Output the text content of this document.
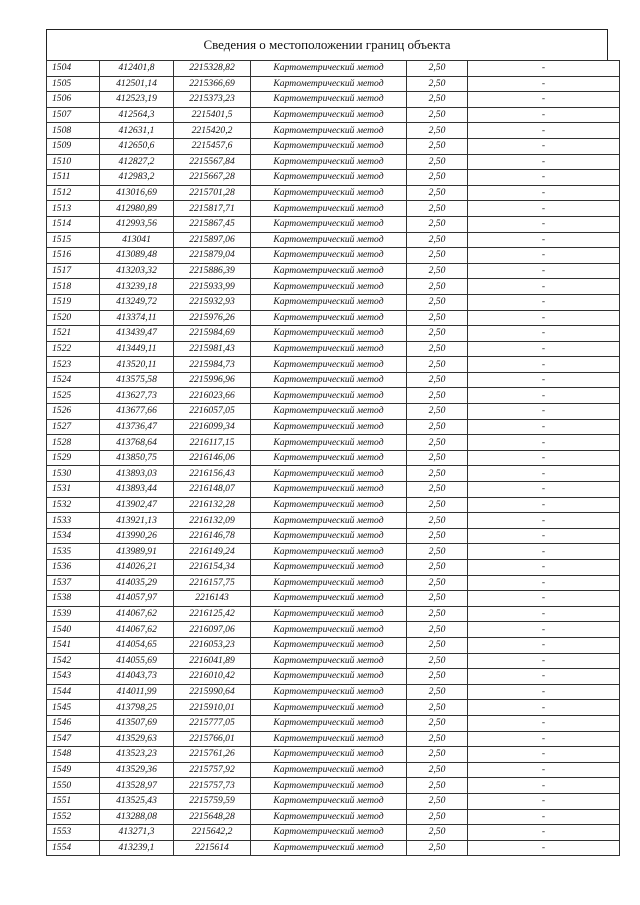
Сведения о местоположении границ объекта
1504	412401,8	2215328,82	Картометрический метод	2,50	-
1505	412501,14	2215366,69	Картометрический метод	2,50	-
1506	412523,19	2215373,23	Картометрический метод	2,50	-
1507	412564,3	2215401,5	Картометрический метод	2,50	-
1508	412631,1	2215420,2	Картометрический метод	2,50	-
1509	412650,6	2215457,6	Картометрический метод	2,50	-
1510	412827,2	2215567,84	Картометрический метод	2,50	-
1511	412983,2	2215667,28	Картометрический метод	2,50	-
1512	413016,69	2215701,28	Картометрический метод	2,50	-
1513	412980,89	2215817,71	Картометрический метод	2,50	-
1514	412993,56	2215867,45	Картометрический метод	2,50	-
1515	413041	2215897,06	Картометрический метод	2,50	-
1516	413089,48	2215879,04	Картометрический метод	2,50	-
1517	413203,32	2215886,39	Картометрический метод	2,50	-
1518	413239,18	2215933,99	Картометрический метод	2,50	-
1519	413249,72	2215932,93	Картометрический метод	2,50	-
1520	413374,11	2215976,26	Картометрический метод	2,50	-
1521	413439,47	2215984,69	Картометрический метод	2,50	-
1522	413449,11	2215981,43	Картометрический метод	2,50	-
1523	413520,11	2215984,73	Картометрический метод	2,50	-
1524	413575,58	2215996,96	Картометрический метод	2,50	-
1525	413627,73	2216023,66	Картометрический метод	2,50	-
1526	413677,66	2216057,05	Картометрический метод	2,50	-
1527	413736,47	2216099,34	Картометрический метод	2,50	-
1528	413768,64	2216117,15	Картометрический метод	2,50	-
1529	413850,75	2216146,06	Картометрический метод	2,50	-
1530	413893,03	2216156,43	Картометрический метод	2,50	-
1531	413893,44	2216148,07	Картометрический метод	2,50	-
1532	413902,47	2216132,28	Картометрический метод	2,50	-
1533	413921,13	2216132,09	Картометрический метод	2,50	-
1534	413990,26	2216146,78	Картометрический метод	2,50	-
1535	413989,91	2216149,24	Картометрический метод	2,50	-
1536	414026,21	2216154,34	Картометрический метод	2,50	-
1537	414035,29	2216157,75	Картометрический метод	2,50	-
1538	414057,97	2216143	Картометрический метод	2,50	-
1539	414067,62	2216125,42	Картометрический метод	2,50	-
1540	414067,62	2216097,06	Картометрический метод	2,50	-
1541	414054,65	2216053,23	Картометрический метод	2,50	-
1542	414055,69	2216041,89	Картометрический метод	2,50	-
1543	414043,73	2216010,42	Картометрический метод	2,50	-
1544	414011,99	2215990,64	Картометрический метод	2,50	-
1545	413798,25	2215910,01	Картометрический метод	2,50	-
1546	413507,69	2215777,05	Картометрический метод	2,50	-
1547	413529,63	2215766,01	Картометрический метод	2,50	-
1548	413523,23	2215761,26	Картометрический метод	2,50	-
1549	413529,36	2215757,92	Картометрический метод	2,50	-
1550	413528,97	2215757,73	Картометрический метод	2,50	-
1551	413525,43	2215759,59	Картометрический метод	2,50	-
1552	413288,08	2215648,28	Картометрический метод	2,50	-
1553	413271,3	2215642,2	Картометрический метод	2,50	-
1554	413239,1	2215614	Картометрический метод	2,50	-
